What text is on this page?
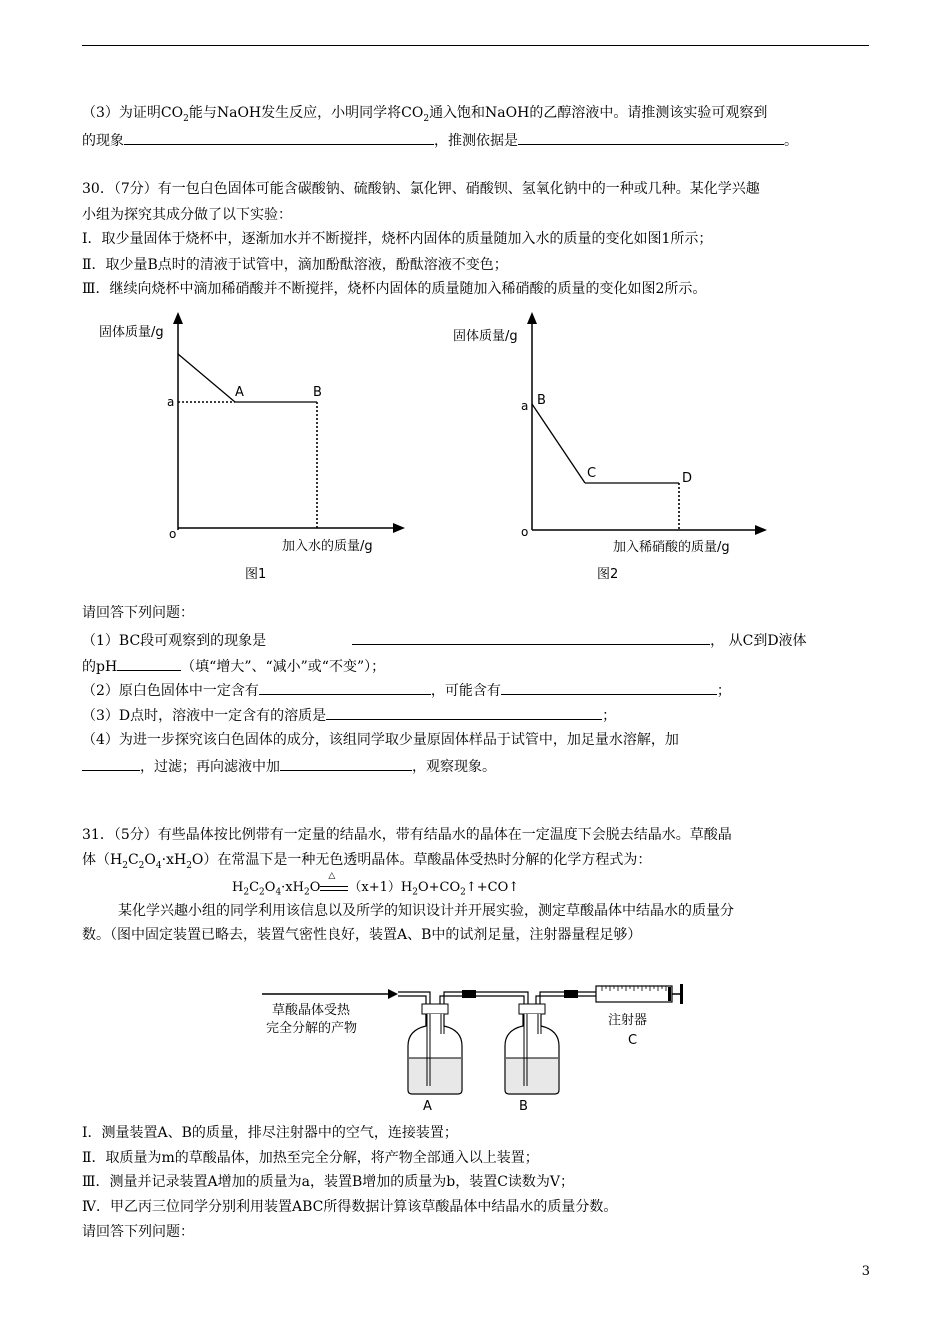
（3）为证明$CO_2$能与NaOH发生反应，小明同学将$CO_2$通入饱和NaOH的乙醇溶液中。请推测该实验可观察到
的现象	，推测依据是	。
30．（7分）有一包白色固体可能含碳酸钠、硫酸钠、氯化钾、硝酸钡、氢氧化钠中的一种或几种。某化学兴趣
小组为探究其成分做了以下实验：
Ⅰ．取少量固体于烧杯中，逐渐加水并不断搅拌，烧杯内固体的质量随加入水的质量的变化如图1所示；
Ⅱ．取少量B点时的清液于试管中，滴加酚酞溶液，酚酞溶液不变色；
Ⅲ．继续向烧杯中滴加稀硝酸并不断搅拌，烧杯内固体的质量随加入稀硝酸的质量的变化如图2所示。
固体质量/g
a
o
加入水的质量/g
A	B
图1
固体质量/g
a
o
加入稀硝酸的质量/g
B
C	D
图2
请回答下列问题：
（1）BC段可观察到的现象是	， 从C到D液体
的pH	（填“增大”、“减小”或“不变”）；
（2）原白色固体中一定含有	，可能含有	；
（3）D点时，溶液中一定含有的溶质是	；
（4）为进一步探究该白色固体的成分，该组同学取少量原固体样品于试管中，加足量水溶解，加
，过滤；再向滤液中加	，观察现象。
31．（5分）有些晶体按比例带有一定量的结晶水，带有结晶水的晶体在一定温度下会脱去结晶水。草酸晶
体$(H_2C_2O_4\cdot xH_2O)$在常温下是一种无色透明晶体。草酸晶体受热时分解的化学方程式为：
$H_2C_2O_4\cdot xH_2O$
△
$(x+1)H_2O+CO_2↑+CO↑$
某化学兴趣小组的同学利用该信息以及所学的知识设计并开展实验，测定草酸晶体中结晶水的质量分
数。（图中固定装置已略去，装置气密性良好，装置A、B中的试剂足量，注射器量程足够）
草酸晶体受热
完全分解的产物
A	B
注射器
C
Ⅰ．测量装置A、B的质量，排尽注射器中的空气，连接装置；
Ⅱ．取质量为m的草酸晶体，加热至完全分解，将产物全部通入以上装置；
Ⅲ．测量并记录装置A增加的质量为a，装置B增加的质量为b，装置C读数为V；
Ⅳ．甲乙丙三位同学分别利用装置ABC所得数据计算该草酸晶体中结晶水的质量分数。
请回答下列问题：
3
